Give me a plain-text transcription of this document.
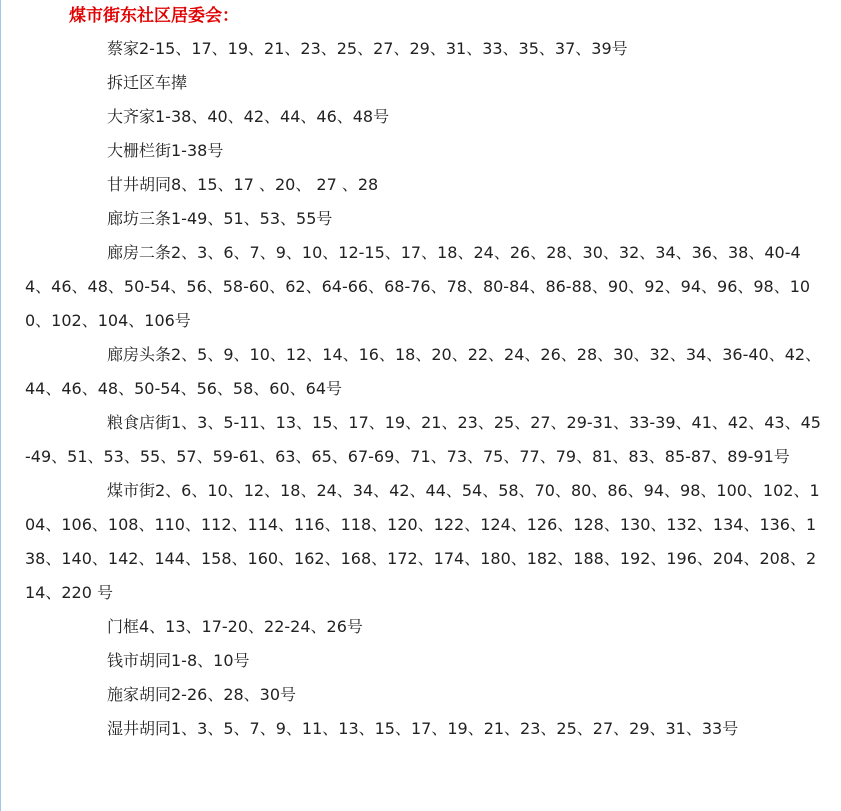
煤市街东社区居委会：

蔡家2-15、17、19、21、23、25、27、29、31、33、35、37、39号

拆迁区车撵

大齐家1-38、40、42、44、46、48号

大栅栏街1-38号

甘井胡同8、15、17 、20、 27 、28

廊坊三条1-49、51、53、55号

廊房二条2、3、6、7、9、10、12-15、17、18、24、26、28、30、32、34、36、38、40-44、46、48、50-54、56、58-60、62、64-66、68-76、78、80-84、86-88、90、92、94、96、98、100、102、104、106号

廊房头条2、5、9、10、12、14、16、18、20、22、24、26、28、30、32、34、36-40、42、44、46、48、50-54、56、58、60、64号

粮食店街1、3、5-11、13、15、17、19、21、23、25、27、29-31、33-39、41、42、43、45-49、51、53、55、57、59-61、63、65、67-69、71、73、75、77、79、81、83、85-87、89-91号

煤市街2、6、10、12、18、24、34、42、44、54、58、70、80、86、94、98、100、102、104、106、108、110、112、114、116、118、120、122、124、126、128、130、132、134、136、138、140、142、144、158、160、162、168、172、174、180、182、188、192、196、204、208、214、220 号

门框4、13、17-20、22-24、26号

钱市胡同1-8、10号

施家胡同2-26、28、30号

湿井胡同1、3、5、7、9、11、13、15、17、19、21、23、25、27、29、31、33号
